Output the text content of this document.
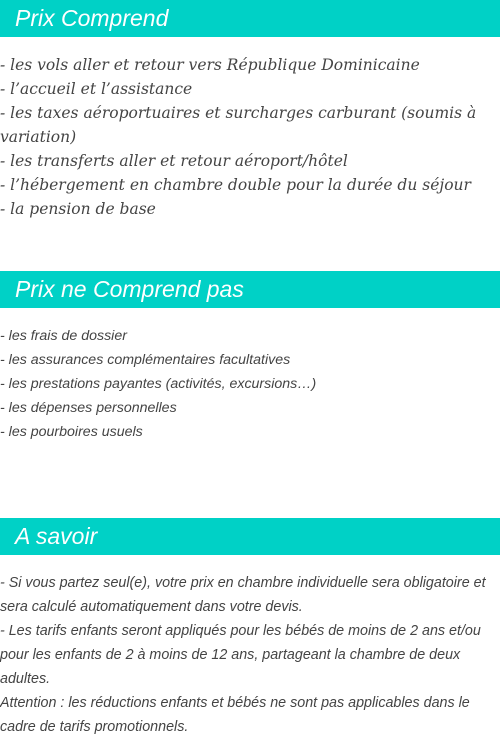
Prix Comprend
- les vols aller et retour vers République Dominicaine
- l’accueil et l’assistance
- les taxes aéroportuaires et surcharges carburant (soumis à variation)
- les transferts aller et retour aéroport/hôtel
- l’hébergement en chambre double pour la durée du séjour
- la pension de base
Prix ne Comprend pas
- les frais de dossier
- les assurances complémentaires facultatives
- les prestations payantes (activités, excursions…)
- les dépenses personnelles
- les pourboires usuels
A savoir

- Si vous partez seul(e), votre prix en chambre individuelle sera obligatoire et sera calculé automatiquement dans votre devis.

- Les tarifs enfants seront appliqués pour les bébés de moins de 2 ans et/ou pour les enfants de 2 à moins de 12 ans, partageant la chambre de deux adultes.

Attention : les réductions enfants et bébés ne sont pas applicables dans le cadre de tarifs promotionnels.
